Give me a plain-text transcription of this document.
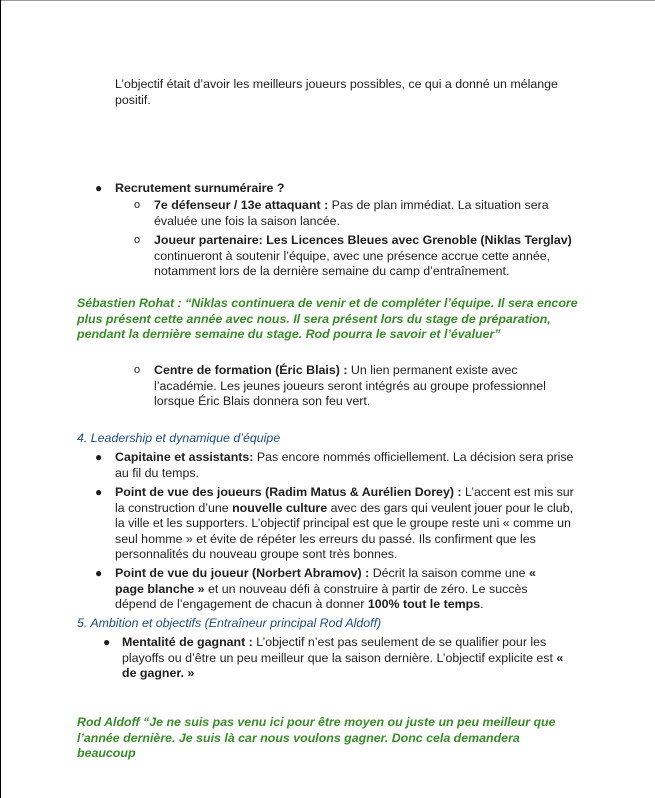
L’objectif était d’avoir les meilleurs joueurs possibles, ce qui a donné un mélange positif.
● Recrutement surnuméraire ?
o 7e défenseur / 13e attaquant : Pas de plan immédiat. La situation sera évaluée une fois la saison lancée.
o Joueur partenaire: Les Licences Bleues avec Grenoble (Niklas Terglav) continueront à soutenir l’équipe, avec une présence accrue cette année, notamment lors de la dernière semaine du camp d’entraînement.
Sébastien Rohat : “Niklas continuera de venir et de compléter l’équipe. Il sera encore plus présent cette année avec nous. Il sera présent lors du stage de préparation, pendant la dernière semaine du stage. Rod pourra le savoir et l’évaluer”
o Centre de formation (Éric Blais) : Un lien permanent existe avec l’académie. Les jeunes joueurs seront intégrés au groupe professionnel lorsque Éric Blais donnera son feu vert.
4. Leadership et dynamique d’équipe
● Capitaine et assistants: Pas encore nommés officiellement. La décision sera prise au fil du temps.
● Point de vue des joueurs (Radim Matus & Aurélien Dorey) : L’accent est mis sur la construction d’une nouvelle culture avec des gars qui veulent jouer pour le club, la ville et les supporters. L’objectif principal est que le groupe reste uni « comme un seul homme » et évite de répéter les erreurs du passé. Ils confirment que les personnalités du nouveau groupe sont très bonnes.
● Point de vue du joueur (Norbert Abramov) : Décrit la saison comme une « page blanche » et un nouveau défi à construire à partir de zéro. Le succès dépend de l’engagement de chacun à donner 100% tout le temps.
5. Ambition et objectifs (Entraîneur principal Rod Aldoff)
● Mentalité de gagnant : L’objectif n’est pas seulement de se qualifier pour les playoffs ou d’être un peu meilleur que la saison dernière. L’objectif explicite est « de gagner. »
Rod Aldoff “Je ne suis pas venu ici pour être moyen ou juste un peu meilleur que l’année dernière. Je suis là car nous voulons gagner. Donc cela demandera beaucoup
